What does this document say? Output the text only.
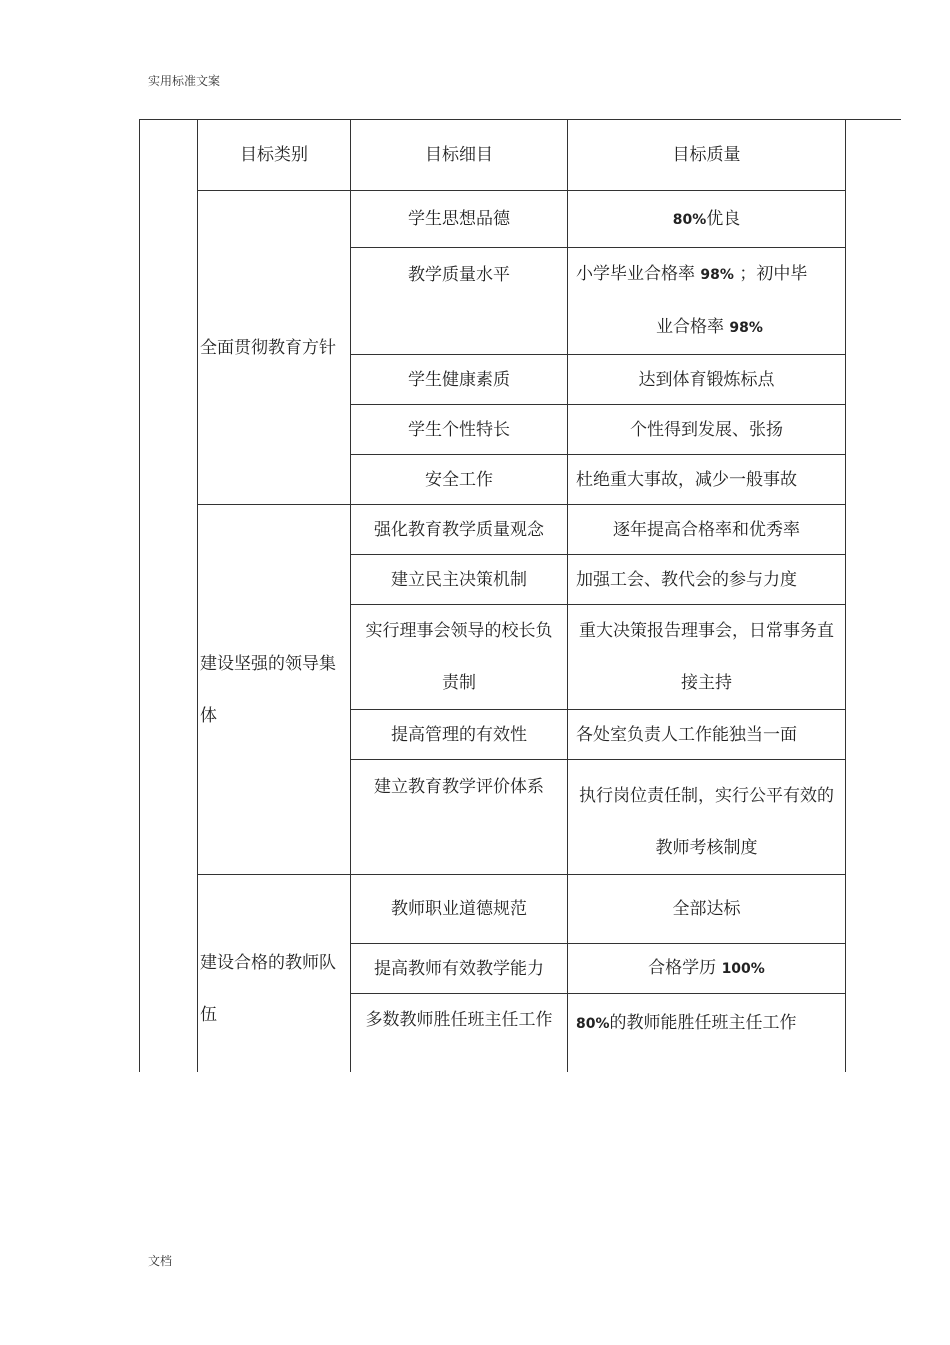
实用标准文案
	目标类别	目标细目	目标质量	
	全面贯彻教育方针	学生思想品德	80%优良	
		教学质量水平	小学毕业合格率 98% ；初中毕
业合格率 98%	
		学生健康素质	达到体育锻炼标点	
		学生个性特长	个性得到发展、张扬	
		安全工作	杜绝重大事故，减少一般事故	
	建设坚强的领导集体	强化教育教学质量观念	逐年提高合格率和优秀率	
		建立民主决策机制	加强工会、教代会的参与力度	
		实行理事会领导的校长负责制	重大决策报告理事会，日常事务直接主持	
		提高管理的有效性	各处室负责人工作能独当一面	
		建立教育教学评价体系	执行岗位责任制，实行公平有效的教师考核制度	
	建设合格的教师队伍	教师职业道德规范	全部达标	
		提高教师有效教学能力	合格学历 100%	
		多数教师胜任班主任工作	80%的教师能胜任班主任工作	
文档
